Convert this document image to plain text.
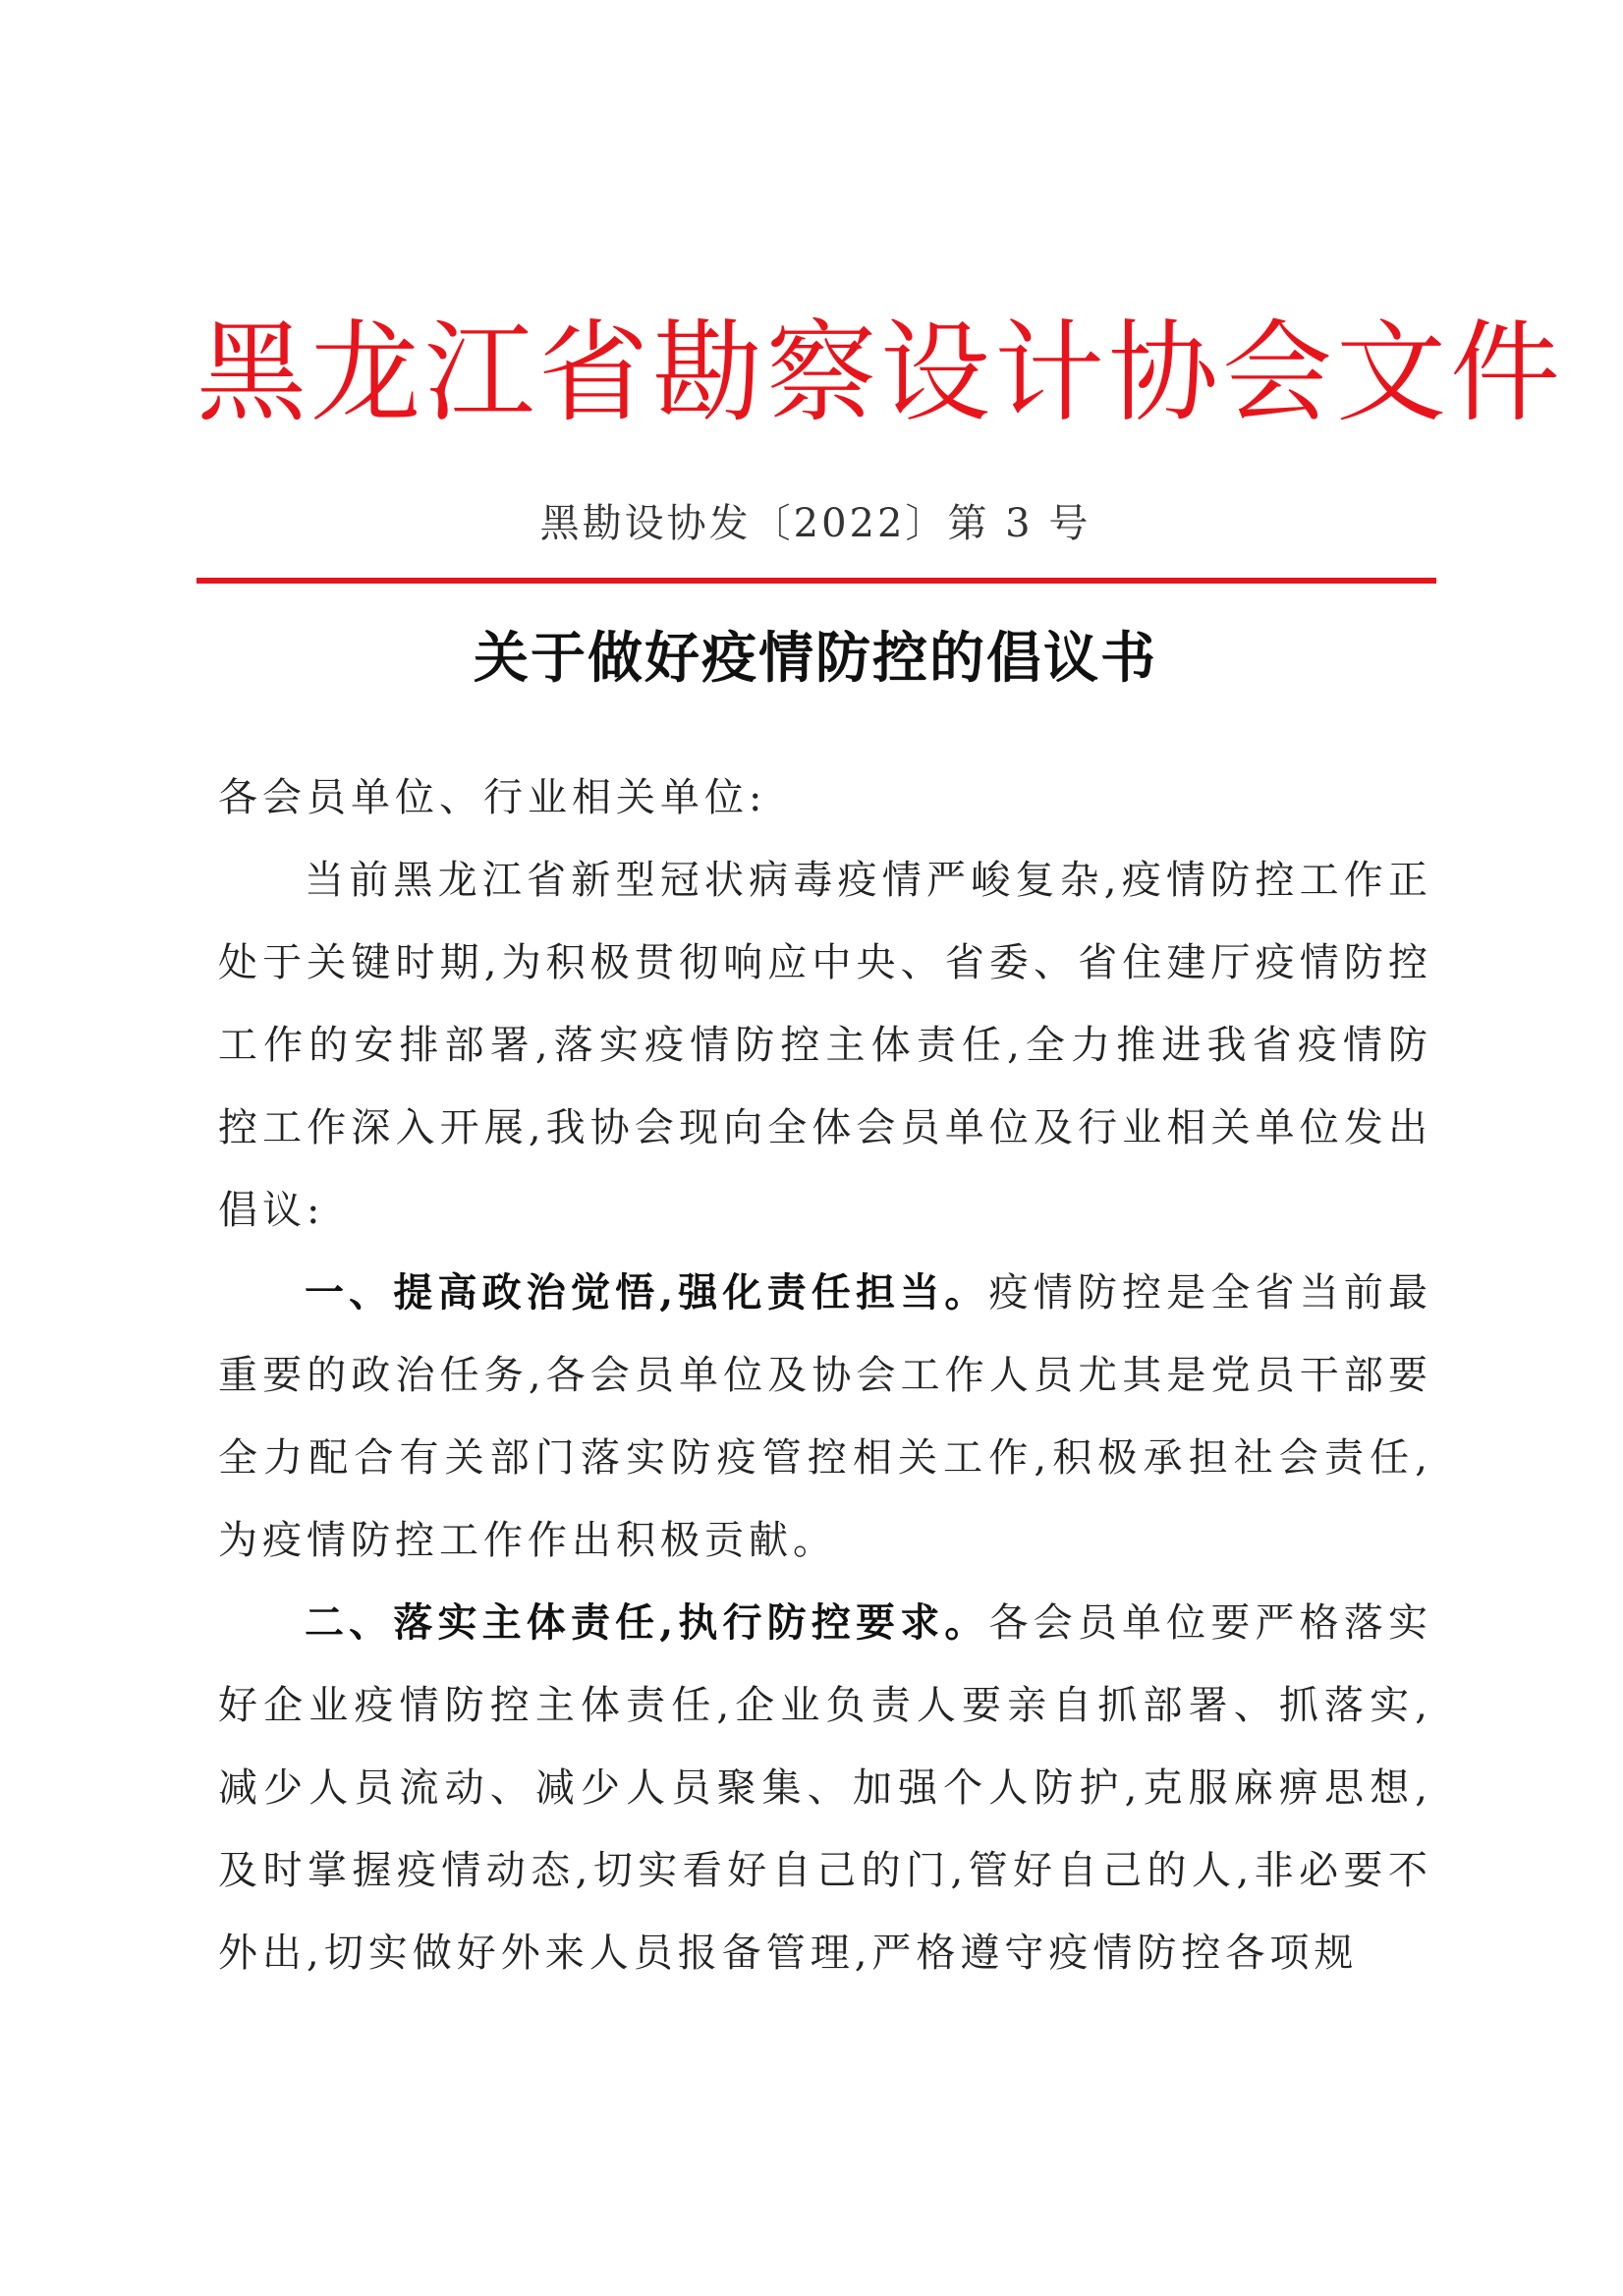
黑龙江省勘察设计协会文件
黑勘设协发〔2022〕第 3 号
关于做好疫情防控的倡议书

各会员单位、行业相关单位:

当前黑龙江省新型冠状病毒疫情严峻复杂,疫情防控工作正处于关键时期,为积极贯彻响应中央、省委、省住建厅疫情防控工作的安排部署,落实疫情防控主体责任,全力推进我省疫情防控工作深入开展,我协会现向全体会员单位及行业相关单位发出倡议:

一、提高政治觉悟,强化责任担当。疫情防控是全省当前最重要的政治任务,各会员单位及协会工作人员尤其是党员干部要全力配合有关部门落实防疫管控相关工作,积极承担社会责任,为疫情防控工作作出积极贡献。

二、落实主体责任,执行防控要求。各会员单位要严格落实好企业疫情防控主体责任,企业负责人要亲自抓部署、抓落实,减少人员流动、减少人员聚集、加强个人防护,克服麻痹思想,及时掌握疫情动态,切实看好自己的门,管好自己的人,非必要不外出,切实做好外来人员报备管理,严格遵守疫情防控各项规
